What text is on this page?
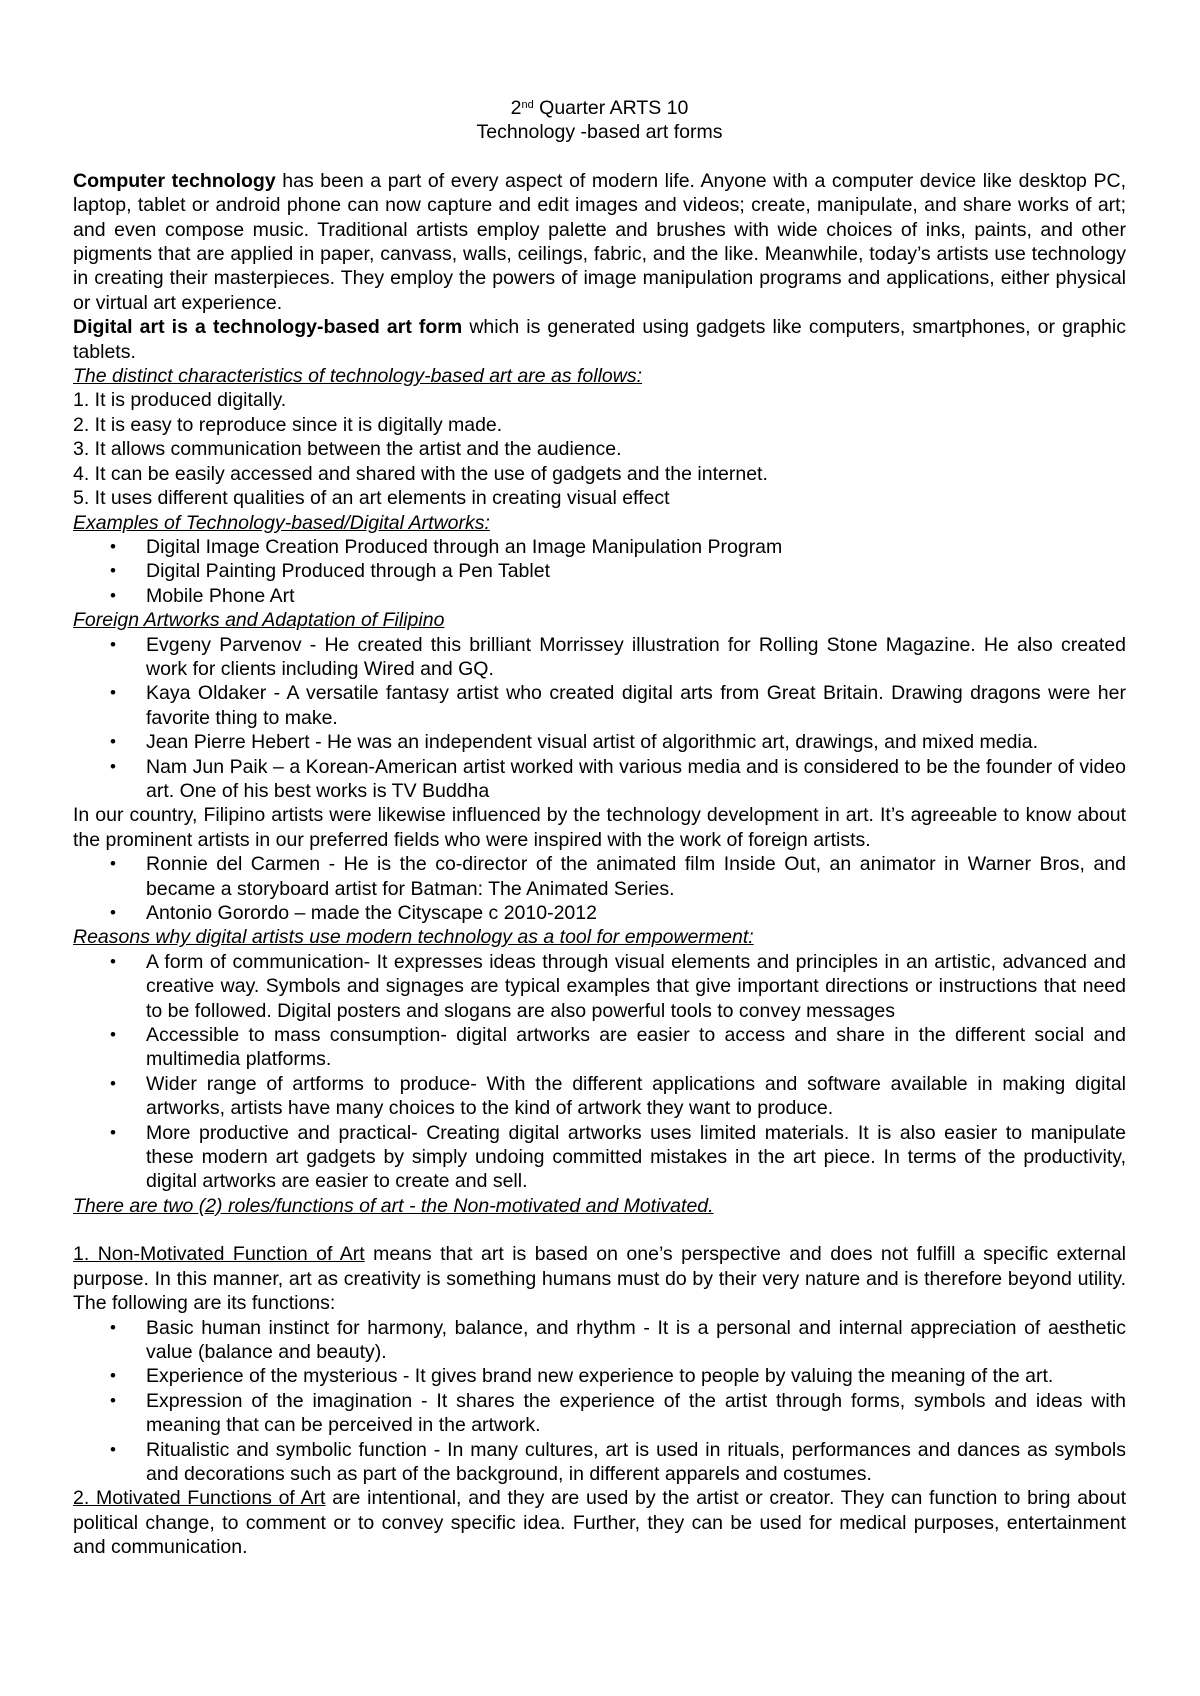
2nd Quarter ARTS 10
Technology -based art forms

Computer technology has been a part of every aspect of modern life. Anyone with a computer device like desktop PC, laptop, tablet or android phone can now capture and edit images and videos; create, manipulate, and share works of art; and even compose music. Traditional artists employ palette and brushes with wide choices of inks, paints, and other pigments that are applied in paper, canvass, walls, ceilings, fabric, and the like. Meanwhile, today’s artists use technology in creating their masterpieces. They employ the powers of image manipulation programs and applications, either physical or virtual art experience.

Digital art is a technology-based art form which is generated using gadgets like computers, smartphones, or graphic tablets.

The distinct characteristics of technology-based art are as follows:

1. It is produced digitally.

2. It is easy to reproduce since it is digitally made.

3. It allows communication between the artist and the audience.

4. It can be easily accessed and shared with the use of gadgets and the internet.

5. It uses different qualities of an art elements in creating visual effect

Examples of Technology-based/Digital Artworks:

• Digital Image Creation Produced through an Image Manipulation Program
• Digital Painting Produced through a Pen Tablet
• Mobile Phone Art

Foreign Artworks and Adaptation of Filipino

• Evgeny Parvenov - He created this brilliant Morrissey illustration for Rolling Stone Magazine. He also created work for clients including Wired and GQ.
• Kaya Oldaker - A versatile fantasy artist who created digital arts from Great Britain. Drawing dragons were her favorite thing to make.
• Jean Pierre Hebert - He was an independent visual artist of algorithmic art, drawings, and mixed media.
• Nam Jun Paik – a Korean-American artist worked with various media and is considered to be the founder of video art. One of his best works is TV Buddha

In our country, Filipino artists were likewise influenced by the technology development in art. It’s agreeable to know about the prominent artists in our preferred fields who were inspired with the work of foreign artists.

• Ronnie del Carmen - He is the co-director of the animated film Inside Out, an animator in Warner Bros, and became a storyboard artist for Batman: The Animated Series.
• Antonio Gorordo – made the Cityscape c 2010-2012

Reasons why digital artists use modern technology as a tool for empowerment:

• A form of communication- It expresses ideas through visual elements and principles in an artistic, advanced and creative way. Symbols and signages are typical examples that give important directions or instructions that need to be followed. Digital posters and slogans are also powerful tools to convey messages
• Accessible to mass consumption- digital artworks are easier to access and share in the different social and multimedia platforms.
• Wider range of artforms to produce- With the different applications and software available in making digital artworks, artists have many choices to the kind of artwork they want to produce.
• More productive and practical- Creating digital artworks uses limited materials. It is also easier to manipulate these modern art gadgets by simply undoing committed mistakes in the art piece. In terms of the productivity, digital artworks are easier to create and sell.

There are two (2) roles/functions of art - the Non-motivated and Motivated.

1. Non-Motivated Function of Art means that art is based on one’s perspective and does not fulfill a specific external purpose. In this manner, art as creativity is something humans must do by their very nature and is therefore beyond utility. The following are its functions:

• Basic human instinct for harmony, balance, and rhythm - It is a personal and internal appreciation of aesthetic value (balance and beauty).
• Experience of the mysterious - It gives brand new experience to people by valuing the meaning of the art.
• Expression of the imagination - It shares the experience of the artist through forms, symbols and ideas with meaning that can be perceived in the artwork.
• Ritualistic and symbolic function - In many cultures, art is used in rituals, performances and dances as symbols and decorations such as part of the background, in different apparels and costumes.

2. Motivated Functions of Art are intentional, and they are used by the artist or creator. They can function to bring about political change, to comment or to convey specific idea. Further, they can be used for medical purposes, entertainment and communication.
